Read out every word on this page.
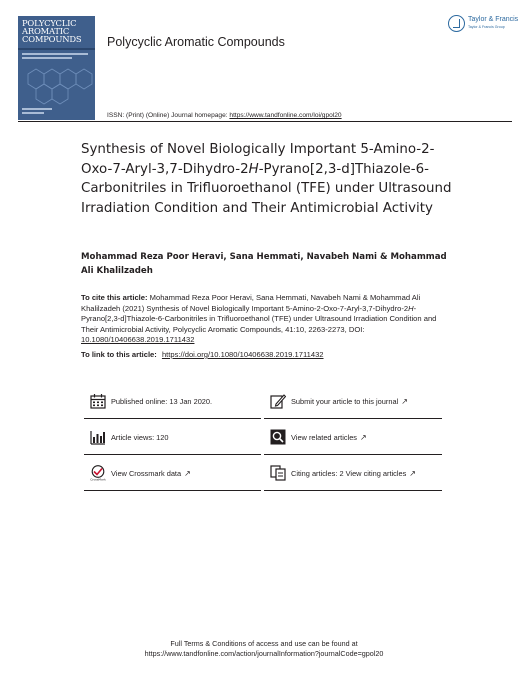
POLYCYCLIC
AROMATIC
COMPOUNDS Polycyclic Aromatic Compounds
Taylor & Francis
Taylor & Francis Group
ISSN: (Print) (Online) Journal homepage: https://www.tandfonline.com/loi/gpol20
Synthesis of Novel Biologically Important 5-Amino-2-Oxo-7-Aryl-3,7-Dihydro-2H-Pyrano[2,3-d]Thiazole-6-Carbonitriles in Trifluoroethanol (TFE) under Ultrasound Irradiation Condition and Their Antimicrobial Activity
Mohammad Reza Poor Heravi, Sana Hemmati, Navabeh Nami & Mohammad Ali Khalilzadeh
To cite this article: Mohammad Reza Poor Heravi, Sana Hemmati, Navabeh Nami & Mohammad Ali Khalilzadeh (2021) Synthesis of Novel Biologically Important 5-Amino-2-Oxo-7-Aryl-3,7-Dihydro-2H-Pyrano[2,3-d]Thiazole-6-Carbonitriles in Trifluoroethanol (TFE) under Ultrasound Irradiation Condition and Their Antimicrobial Activity, Polycyclic Aromatic Compounds, 41:10, 2263-2273, DOI: 10.1080/10406638.2019.1711432
To link to this article: https://doi.org/10.1080/10406638.2019.1711432
Published online: 13 Jan 2020.	Submit your article to this journal ↗
Article views: 120	View related articles ↗
CrossMark
View Crossmark data ↗	Citing articles: 2 View citing articles ↗
Full Terms & Conditions of access and use can be found at
https://www.tandfonline.com/action/journalInformation?journalCode=gpol20
